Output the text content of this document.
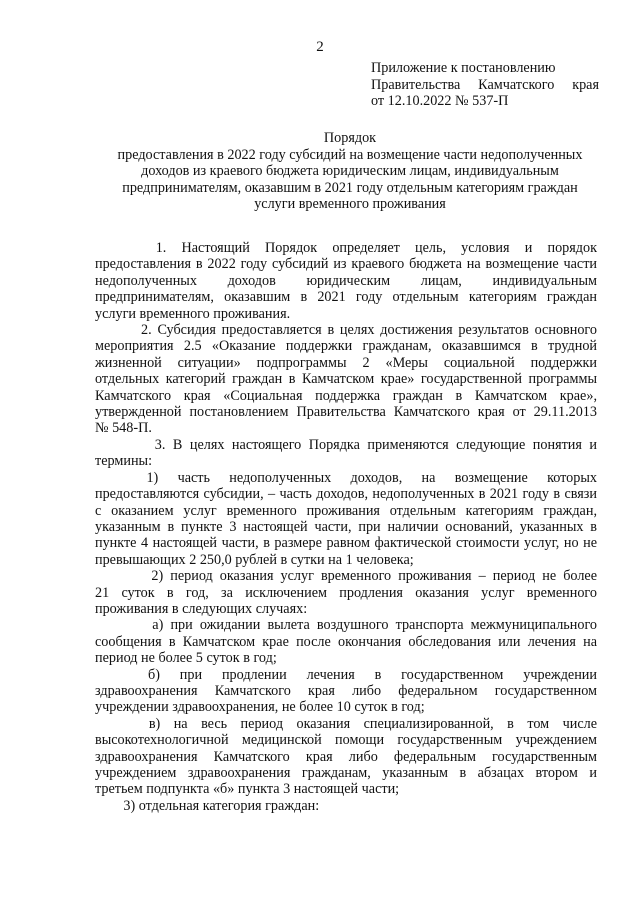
2
Приложение к постановлению
Правительства Камчатского края
от 12.10.2022 № 537-П
Порядок
предоставления в 2022 году субсидий на возмещение части недополученных
доходов из краевого бюджета юридическим лицам, индивидуальным
предпринимателям, оказавшим в 2021 году отдельным категориям граждан
услуги временного проживания
1.  Настоящий  Порядок  определяет  цель,  условия  и  порядок
предоставления в 2022 году субсидий из краевого бюджета на возмещение части
недополученных    доходов    юридическим    лицам,    индивидуальным
предпринимателям, оказавшим в 2021 году отдельным категориям граждан
услуги временного проживания.
2. Субсидия предоставляется в целях достижения результатов основного
мероприятия 2.5 «Оказание поддержки гражданам, оказавшимся в трудной
жизненной ситуации» подпрограммы 2 «Меры социальной поддержки
отдельных категорий граждан в Камчатском крае» государственной программы
Камчатского края «Социальная поддержка граждан в Камчатском крае»,
утвержденной постановлением Правительства Камчатского края от 29.11.2013
№ 548-П.
3. В целях настоящего Порядка применяются следующие понятия и
термины:
1)   часть   недополученных   доходов,   на   возмещение   которых
предоставляются субсидии, – часть доходов, недополученных в 2021 году в связи
с оказанием услуг временного проживания отдельным категориям граждан,
указанным в пункте 3 настоящей части, при наличии оснований, указанных в
пункте 4 настоящей части, в размере равном фактической стоимости услуг, но не
превышающих 2 250,0 рублей в сутки на 1 человека;
2) период оказания услуг временного проживания – период не более
21 суток в год, за исключением продления оказания услуг временного
проживания в следующих случаях:
а) при ожидании вылета воздушного транспорта межмуниципального
сообщения в Камчатском крае после окончания обследования или лечения на
период не более 5 суток в год;
б)   при   продлении   лечения   в   государственном   учреждении
здравоохранения  Камчатского  края  либо  федеральном  государственном
учреждении здравоохранения, не более 10 суток в год;
в)  на  весь  период  оказания  специализированной,  в  том  числе
высокотехнологичной медицинской помощи государственным учреждением
здравоохранения Камчатского края либо федеральным государственным
учреждением здравоохранения гражданам, указанным в абзацах втором и
третьем подпункта «б» пункта 3 настоящей части;
3) отдельная категория граждан:
